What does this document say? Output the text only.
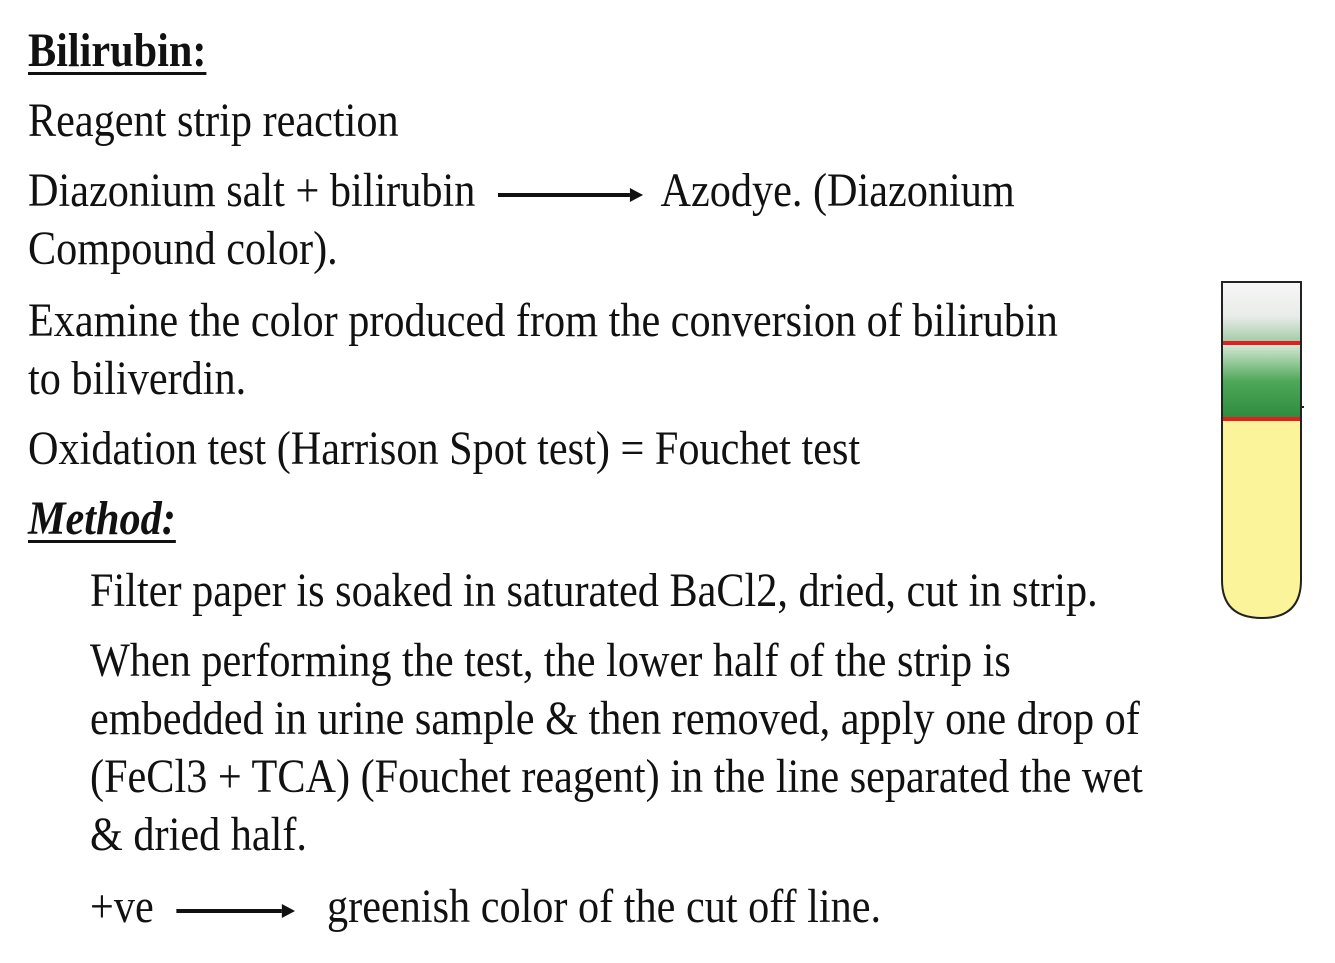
Bilirubin:
Reagent strip reaction
Diazonium salt + bilirubin → Azodye. (Diazonium
Compound color).
Examine the color produced from the conversion of bilirubin
to biliverdin.
Oxidation test (Harrison Spot test) = Fouchet test
Method:
Filter paper is soaked in saturated BaCl2, dried, cut in strip.
When performing the test, the lower half of the strip is
embedded in urine sample & then removed, apply one drop of
(FeCl3 + TCA) (Fouchet reagent) in the line separated the wet
& dried half.
+ve	greenish color of the cut off line.
